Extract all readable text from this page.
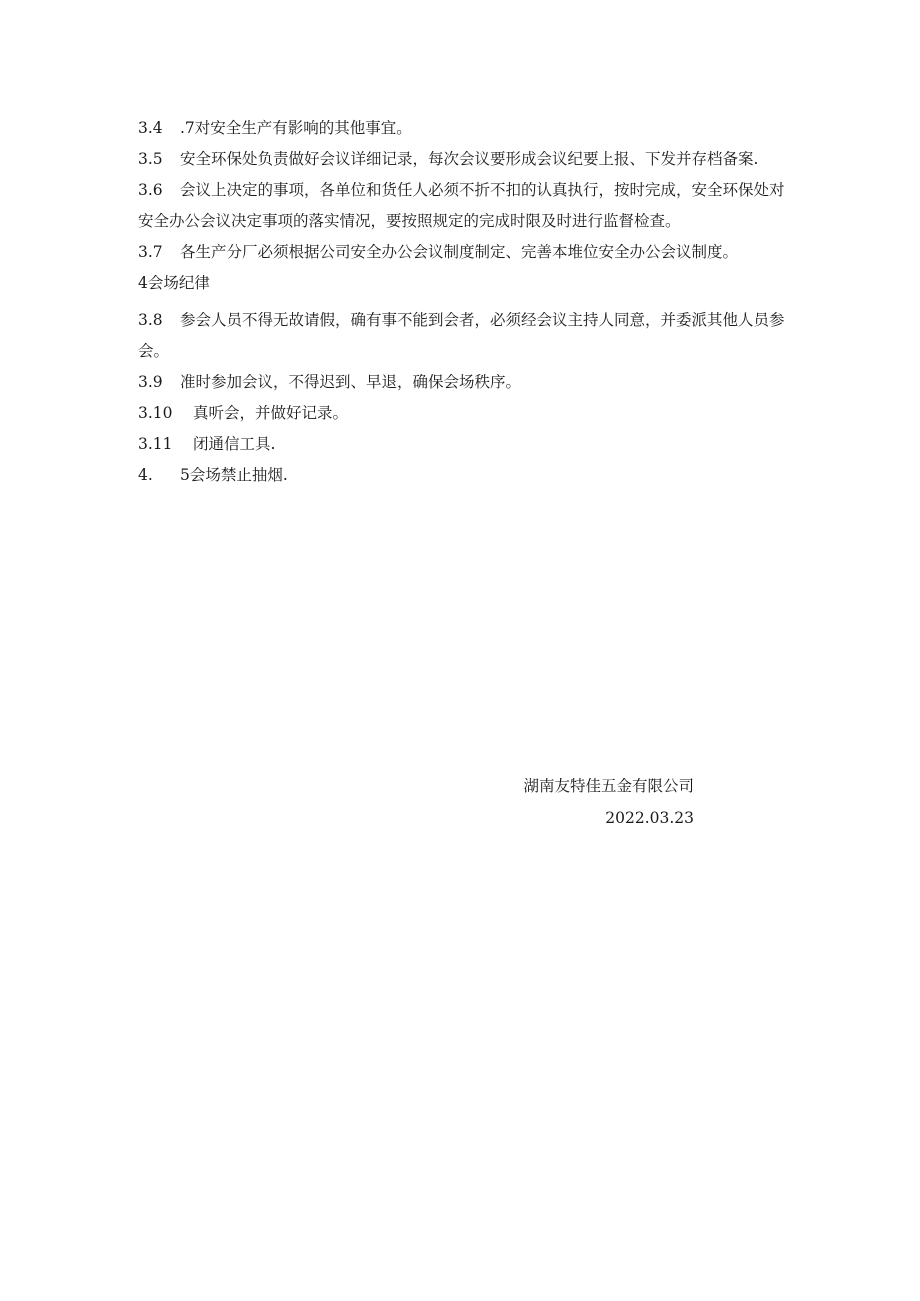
3.4 .7对安全生产有影响的其他事宜。

3.5 安全环保处负责做好会议详细记录，每次会议要形成会议纪要上报、下发并存档备案.

3.6 会议上决定的事项，各单位和货任人必须不折不扣的认真执行，按时完成，安全环保处对安全办公会议决定事项的落实情况，要按照规定的完成时限及时进行监督检查。

3.7 各生产分厂必须根据公司安全办公会议制度制定、完善本堆位安全办公会议制度。

4会场纪律

3.8 参会人员不得无故请假，确有事不能到会者，必须经会议主持人同意，并委派其他人员参会。

3.9 准时参加会议，不得迟到、早退，确保会场秩序。

3.10 真听会，并做好记录。

3.11 闭通信工具.

4. 5会场禁止抽烟.

湖南友特佳五金有限公司
2022.03.23
